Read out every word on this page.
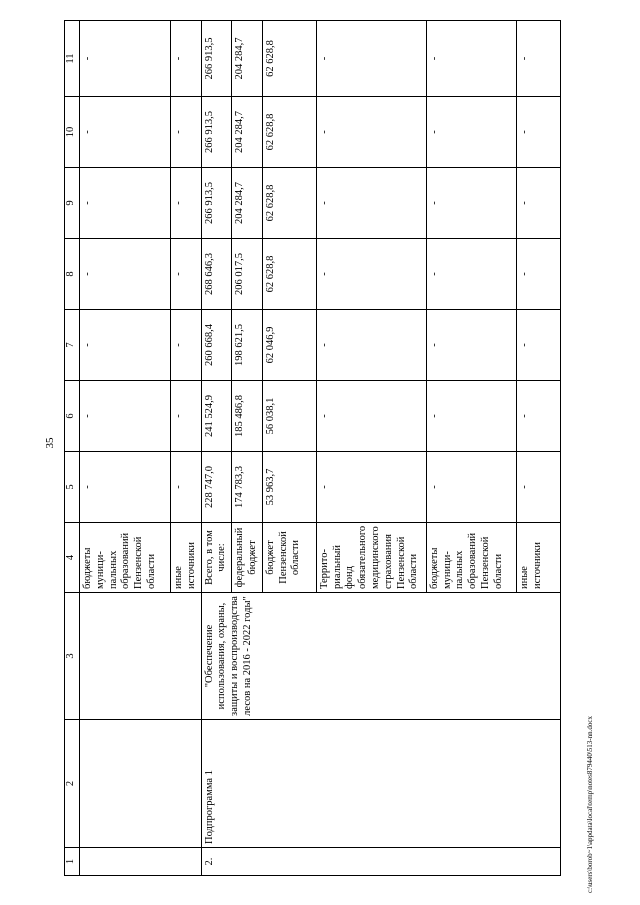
35
1	2	3	4	5	6	7	8	9	10	11
			бюджеты муници-пальных образований Пензенской области	-	-	-	-	-	-	-
			иные источники	-	-	-	-	-	-	-
2.	Подпрограмма 1	"Обеспечение использования, охраны, защиты и воспроизводства лесов на 2016 - 2022 годы"	Всего, в том числе:	228 747,0	241 524,9	260 668,4	268 646,3	266 913,5	266 913,5	266 913,5
			федеральный бюджет	174 783,3	185 486,8	198 621,5	206 017,5	204 284,7	204 284,7	204 284,7
			бюджет Пензенской области	53 963,7	56 038,1	62 046,9	62 628,8	62 628,8	62 628,8	62 628,8
			Террито-риальный фонд обязательного медицинского страхования Пензенской области	-	-	-	-	-	-	-
			бюджеты муници-пальных образований Пензенской области	-	-	-	-	-	-	-
			иные источники	-	-	-	-	-	-	-
c:\users\borob~1\appdata\local\temp\notes879440\513-nn.docx
